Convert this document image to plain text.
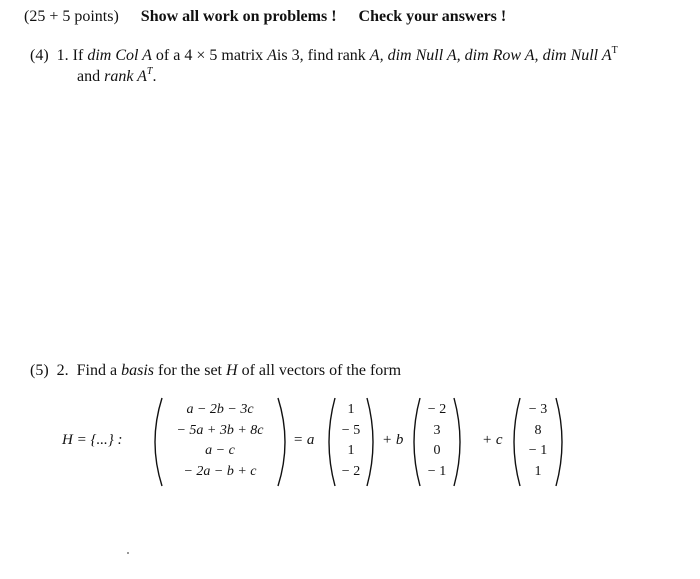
(25 + 5 points) Show all work on problems ! Check your answers !
(4) 1. If dim Col A of a 4 × 5 matrix Ais 3, find rank A, dim Null A, dim Row A, dim Null $A^T$
and rank $A^T$.
(5) 2. Find a basis for the set H of all vectors of the form
H = {...} :
a − 2b − 3c
− 5a + 3b + 8c
a − c
− 2a − b + c
= a
1
− 5
1
− 2
+ b
− 2
3
0
− 1
+ c
− 3
8
− 1
1
